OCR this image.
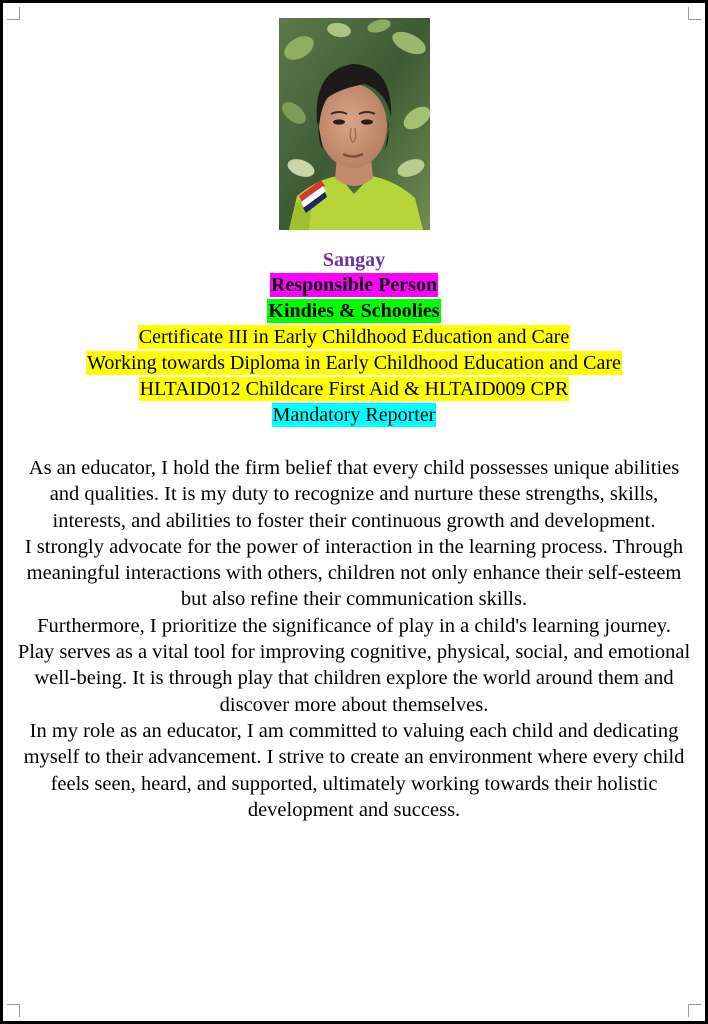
Sangay
Responsible Person
Kindies & Schoolies
Certificate III in Early Childhood Education and Care
Working towards Diploma in Early Childhood Education and Care
HLTAID012 Childcare First Aid & HLTAID009 CPR
Mandatory Reporter

As an educator, I hold the firm belief that every child possesses unique abilities and qualities. It is my duty to recognize and nurture these strengths, skills, interests, and abilities to foster their continuous growth and development.

I strongly advocate for the power of interaction in the learning process. Through meaningful interactions with others, children not only enhance their self-esteem but also refine their communication skills.

Furthermore, I prioritize the significance of play in a child's learning journey. Play serves as a vital tool for improving cognitive, physical, social, and emotional well-being. It is through play that children explore the world around them and discover more about themselves.

In my role as an educator, I am committed to valuing each child and dedicating myself to their advancement. I strive to create an environment where every child feels seen, heard, and supported, ultimately working towards their holistic development and success.
